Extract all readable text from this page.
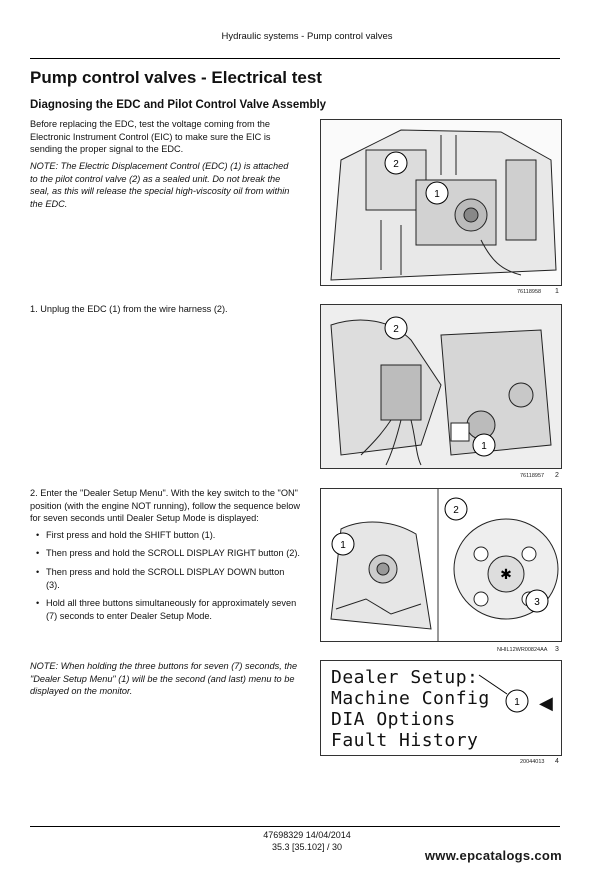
Hydraulic systems - Pump control valves
Pump control valves - Electrical test
Diagnosing the EDC and Pilot Control Valve Assembly
Before replacing the EDC, test the voltage coming from the Electronic Instrument Control (EIC) to make sure the EIC is sending the proper signal to the EDC.
NOTE: The Electric Displacement Control (EDC) (1) is attached to the pilot control valve (2) as a sealed unit. Do not break the seal, as this will release the special high-viscosity oil from within the EDC.
2
1
76118958 1
1. Unplug the EDC (1) from the wire harness (2).
2
1
76118957 2
2. Enter the "Dealer Setup Menu". With the key switch to the "ON" position (with the engine NOT running), follow the sequence below for seven seconds until Dealer Setup Mode is displayed:
• First press and hold the SHIFT button (1).
• Then press and hold the SCROLL DISPLAY RIGHT button (2).
• Then press and hold the SCROLL DISPLAY DOWN button (3).
• Hold all three buttons simultaneously for approximately seven (7) seconds to enter Dealer Setup Mode.
NOTE: When holding the three buttons for seven (7) seconds, the "Dealer Setup Menu" (1) will be the second (and last) menu to be displayed on the monitor.
✱
1
2
3
NHIL12WR00824AA 3
Dealer Setup:
Machine Config
DIA Options
Fault History
1 ◀
20044013 4
47698329 14/04/2014
35.3 [35.102] / 30
www.epcatalogs.com
